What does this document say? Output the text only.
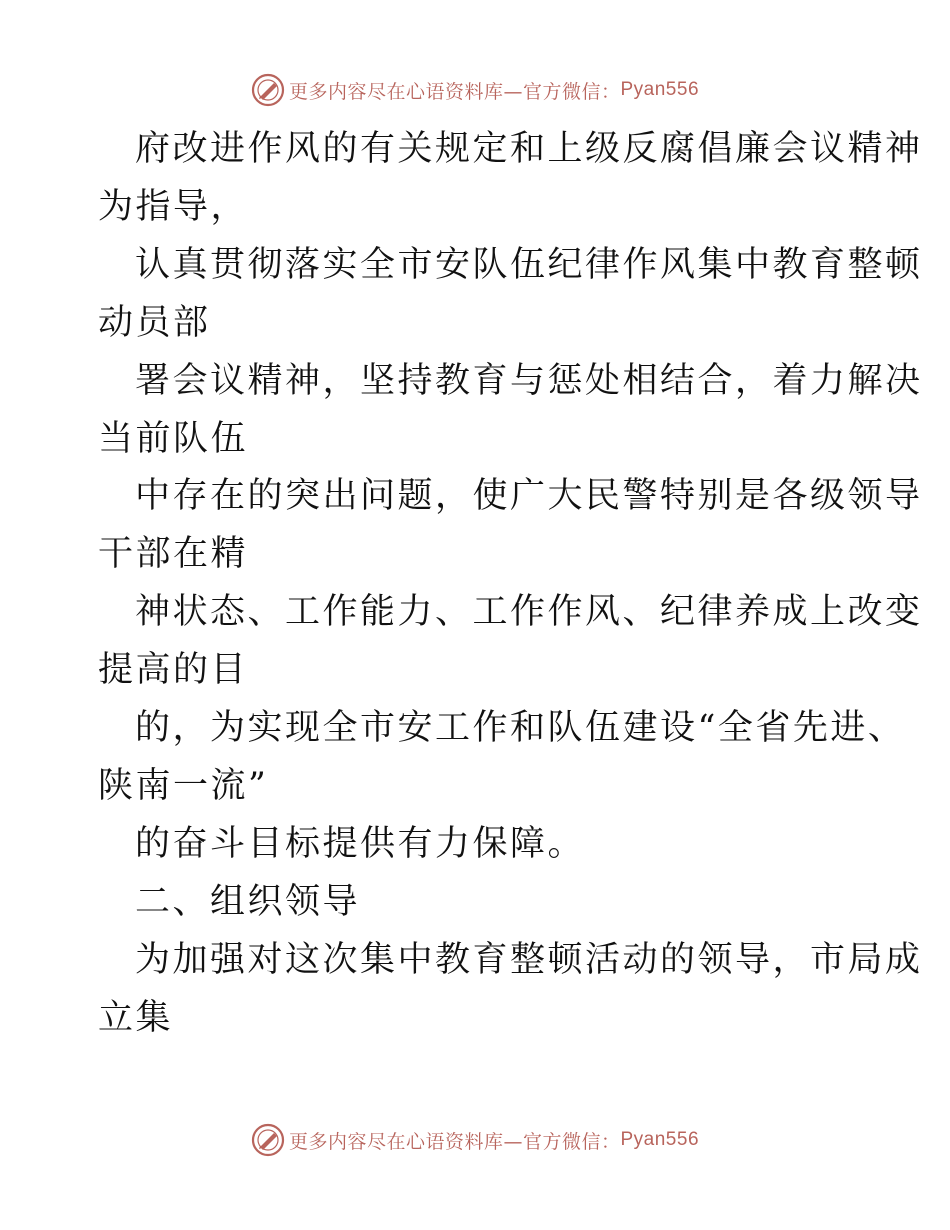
更多内容尽在心语资料库—官方微信： Pyan556
府改进作风的有关规定和上级反腐倡廉会议精神
为指导，
认真贯彻落实全市安队伍纪律作风集中教育整顿
动员部
署会议精神，坚持教育与惩处相结合，着力解决
当前队伍
中存在的突出问题，使广大民警特别是各级领导
干部在精
神状态、工作能力、工作作风、纪律养成上改变
提高的目
的，为实现全市安工作和队伍建设“全省先进、
陕南一流”
的奋斗目标提供有力保障。
二、组织领导
为加强对这次集中教育整顿活动的领导，市局成
立集
更多内容尽在心语资料库—官方微信： Pyan556
